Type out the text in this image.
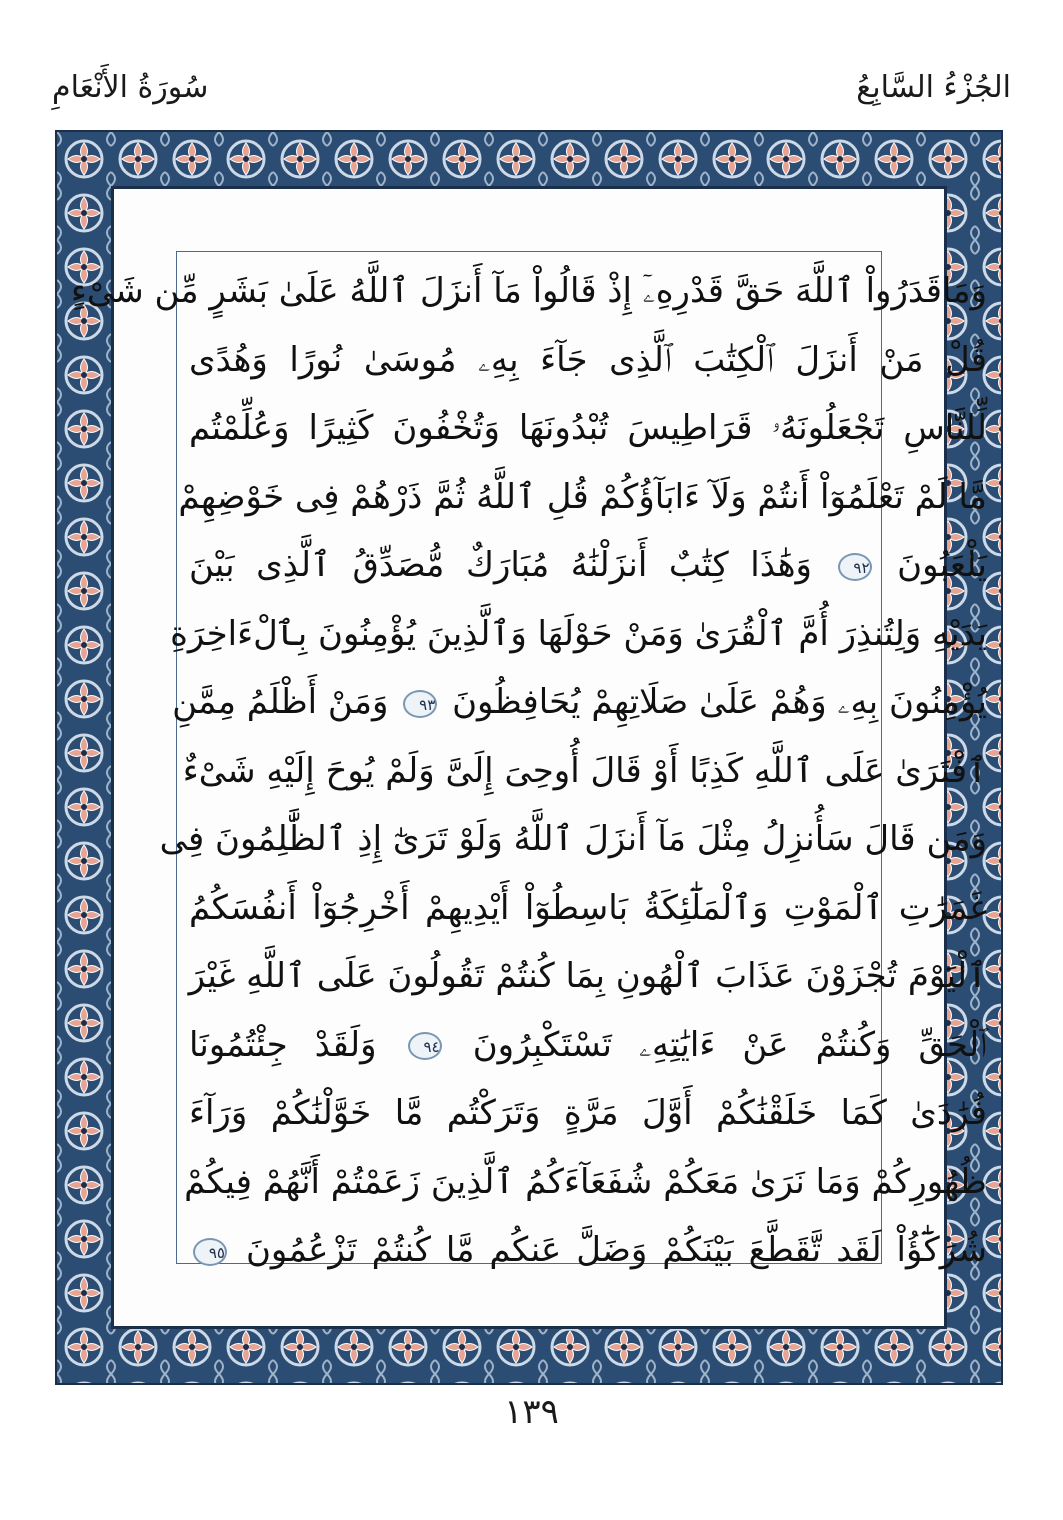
سُورَةُ الأَنْعَامِ	الجُزْءُ السَّابِعُ
وَمَاقَدَرُواْ ٱللَّهَ حَقَّ قَدْرِهِۦٓ إِذْ قَالُواْ مَآ أَنزَلَ ٱللَّهُ عَلَىٰ بَشَرٍ مِّن شَىْءٍ
قُلْ مَنْ أَنزَلَ ٱلْكِتَٰبَ ٱلَّذِى جَآءَ بِهِۦ مُوسَىٰ نُورًا وَهُدًى
لِّلنَّاسِ تَجْعَلُونَهُۥ قَرَاطِيسَ تُبْدُونَهَا وَتُخْفُونَ كَثِيرًا وَعُلِّمْتُم
مَّا لَمْ تَعْلَمُوٓاْ أَنتُمْ وَلَآ ءَابَآؤُكُمْ قُلِ ٱللَّهُ ثُمَّ ذَرْهُمْ فِى خَوْضِهِمْ
يَلْعَبُونَ ٩٢ وَهَٰذَا كِتَٰبٌ أَنزَلْنَٰهُ مُبَارَكٌ مُّصَدِّقُ ٱلَّذِى بَيْنَ
يَدَيْهِ وَلِتُنذِرَ أُمَّ ٱلْقُرَىٰ وَمَنْ حَوْلَهَا وَٱلَّذِينَ يُؤْمِنُونَ بِٱلْءَاخِرَةِ
يُؤْمِنُونَ بِهِۦ وَهُمْ عَلَىٰ صَلَاتِهِمْ يُحَافِظُونَ ٩٣ وَمَنْ أَظْلَمُ مِمَّنِ
ٱفْتَرَىٰ عَلَى ٱللَّهِ كَذِبًا أَوْ قَالَ أُوحِىَ إِلَىَّ وَلَمْ يُوحَ إِلَيْهِ شَىْءٌ
وَمَن قَالَ سَأُنزِلُ مِثْلَ مَآ أَنزَلَ ٱللَّهُ وَلَوْ تَرَىٰٓ إِذِ ٱلظَّٰلِمُونَ فِى
غَمَرَٰتِ ٱلْمَوْتِ وَٱلْمَلَٰٓئِكَةُ بَاسِطُوٓاْ أَيْدِيهِمْ أَخْرِجُوٓاْ أَنفُسَكُمُ
ٱلْيَوْمَ تُجْزَوْنَ عَذَابَ ٱلْهُونِ بِمَا كُنتُمْ تَقُولُونَ عَلَى ٱللَّهِ غَيْرَ
ٱلْحَقِّ وَكُنتُمْ عَنْ ءَايَٰتِهِۦ تَسْتَكْبِرُونَ ٩٤ وَلَقَدْ جِئْتُمُونَا
فُرَٰدَىٰ كَمَا خَلَقْنَٰكُمْ أَوَّلَ مَرَّةٍ وَتَرَكْتُم مَّا خَوَّلْنَٰكُمْ وَرَآءَ
ظُهُورِكُمْ وَمَا نَرَىٰ مَعَكُمْ شُفَعَآءَكُمُ ٱلَّذِينَ زَعَمْتُمْ أَنَّهُمْ فِيكُمْ
شُرَكَٰٓؤُاْ لَقَد تَّقَطَّعَ بَيْنَكُمْ وَضَلَّ عَنكُم مَّا كُنتُمْ تَزْعُمُونَ ٩٥
١٣٩
